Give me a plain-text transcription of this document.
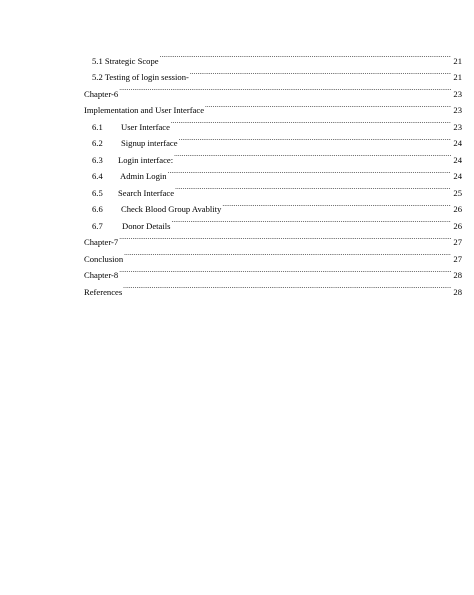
5.1 Strategic Scope .....	21
5.2 Testing of login session- .....	21
Chapter-6 .....	23
Implementation and User Interface .....	23
6.1	User Interface .....	23
6.2	Signup interface .....	24
6.3	Login interface: .....	24
6.4	Admin Login .....	24
6.5	Search Interface .....	25
6.6	Check Blood Group Avablity .....	26
6.7	Donor Details .....	26
Chapter-7 .....	27
Conclusion .....	27
Chapter-8 .....	28
References .....	28
